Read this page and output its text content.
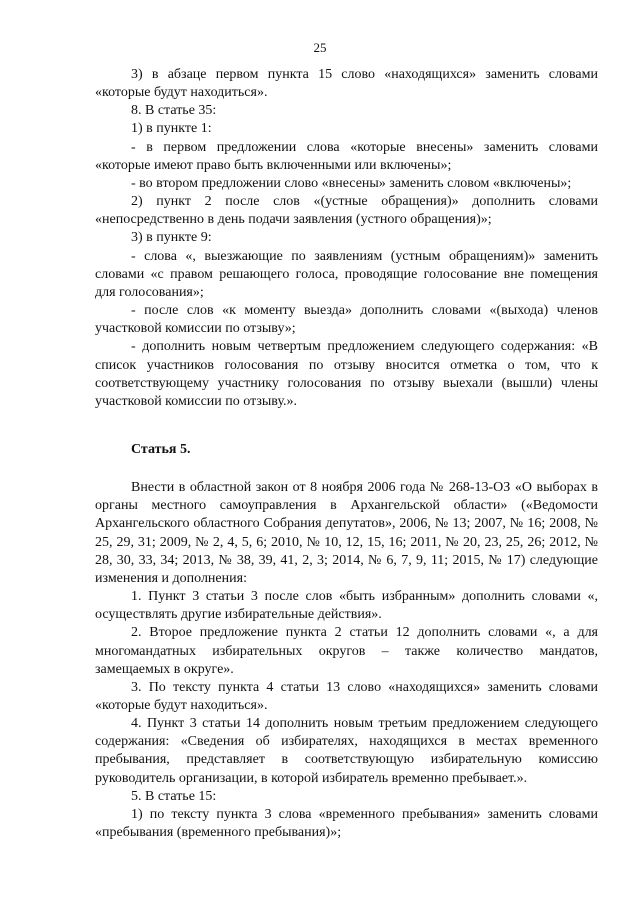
25

3) в абзаце первом пункта 15 слово «находящихся» заменить словами «которые будут находиться».

8. В статье 35:

1) в пункте 1:

- в первом предложении слова «которые внесены» заменить словами «которые имеют право быть включенными или включены»;

- во втором предложении слово «внесены» заменить словом «включены»;

2) пункт 2 после слов «(устные обращения)» дополнить словами «непосредственно в день подачи заявления (устного обращения)»;

3) в пункте 9:

- слова «, выезжающие по заявлениям (устным обращениям)» заменить словами «с правом решающего голоса, проводящие голосование вне помещения для голосования»;

- после слов «к моменту выезда» дополнить словами «(выхода) членов участковой комиссии по отзыву»;

- дополнить новым четвертым предложением следующего содержания: «В список участников голосования по отзыву вносится отметка о том, что к соответствующему участнику голосования по отзыву выехали (вышли) члены участковой комиссии по отзыву.».

Статья 5.

Внести в областной закон от 8 ноября 2006 года № 268-13-ОЗ «О выборах в органы местного самоуправления в Архангельской области» («Ведомости Архангельского областного Собрания депутатов», 2006, № 13; 2007, № 16; 2008, № 25, 29, 31; 2009, № 2, 4, 5, 6; 2010, № 10, 12, 15, 16; 2011, № 20, 23, 25, 26; 2012, № 28, 30, 33, 34; 2013, № 38, 39, 41, 2, 3; 2014, № 6, 7, 9, 11; 2015, № 17) следующие изменения и дополнения:

1. Пункт 3 статьи 3 после слов «быть избранным» дополнить словами «, осуществлять другие избирательные действия».

2. Второе предложение пункта 2 статьи 12 дополнить словами «, а для многомандатных избирательных округов – также количество мандатов, замещаемых в округе».

3. По тексту пункта 4 статьи 13 слово «находящихся» заменить словами «которые будут находиться».

4. Пункт 3 статьи 14 дополнить новым третьим предложением следующего содержания: «Сведения об избирателях, находящихся в местах временного пребывания, представляет в соответствующую избирательную комиссию руководитель организации, в которой избиратель временно пребывает.».

5. В статье 15:

1) по тексту пункта 3 слова «временного пребывания» заменить словами «пребывания (временного пребывания)»;
